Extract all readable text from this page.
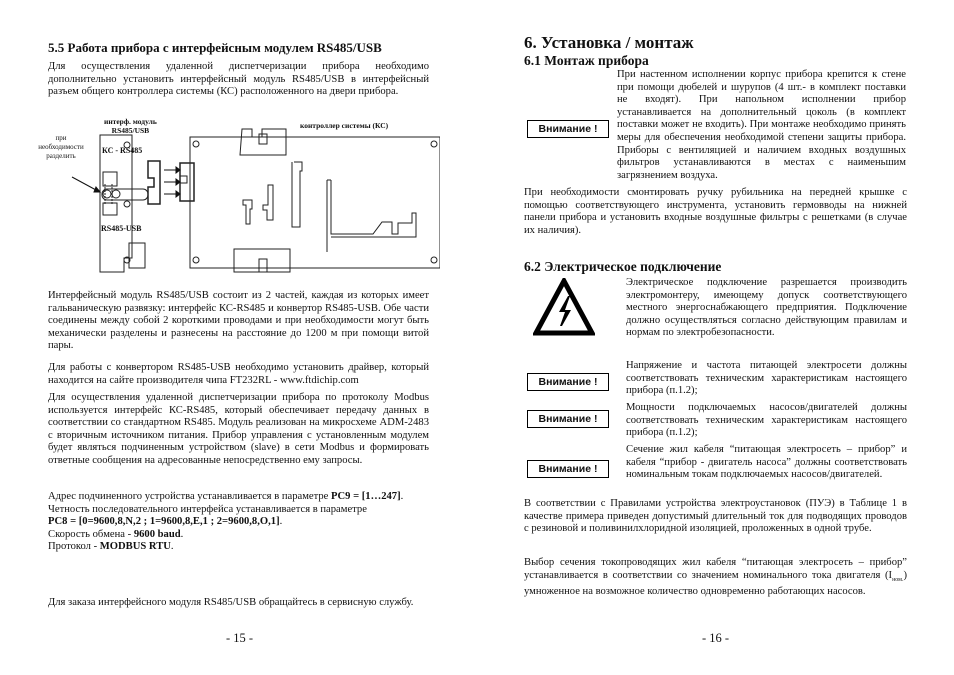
5.5 Работа прибора с интерфейсным модулем RS485/USB
Для осуществления удаленной диспетчеризации прибора необходимо дополнительно установить интерфейсный модуль RS485/USB в интерфейсный разъем общего контроллера системы (КС) расположенного на двери прибора.
интерф. модуль
RS485/USB	контроллер системы (КС)
КС - RS485
RS485-USB
при
необходимости
разделить
Интерфейсный модуль RS485/USB состоит из 2 частей, каждая из которых имеет гальваническую развязку: интерфейс КС-RS485 и конвертор RS485-USB. Обе части соединены между собой 2 короткими проводами и при необходимости могут быть механически разделены и разнесены на расстояние до 1200 м при помощи витой пары.
Для работы с конвертором RS485-USB необходимо установить драйвер, который находится на сайте производителя чипа FT232RL - www.ftdichip.com
Для осуществления удаленной диспетчеризации прибора по протоколу Modbus используется интерфейс КС-RS485, который обеспечивает передачу данных в соответствии со стандартном RS485. Модуль реализован на микросхеме ADM-2483 с вторичным источником питания. Прибор управления с установленным модулем будет являться подчиненным устройством (slave) в сети Modbus и формировать ответные сообщения на адресованные непосредственно ему запросы.
Адрес подчиненного устройства устанавливается в параметре PC9 = [1…247].
Четность последовательного интерфейса устанавливается в параметре
PC8 = [0=9600,8,N,2 ; 1=9600,8,E,1 ; 2=9600,8,O,1].
Скорость обмена - 9600 baud.
Протокол - MODBUS RTU.
Для заказа интерфейсного модуля RS485/USB обращайтесь в сервисную службу.
- 15 -
6. Установка / монтаж
6.1 Монтаж прибора
При настенном исполнении корпус прибора крепится к стене при помощи дюбелей и шурупов (4 шт.- в комплект поставки не входят). При напольном исполнении прибор устанавливается на дополнительный цоколь (в комплект поставки может не входить). При монтаже необходимо принять меры для обеспечения необходимой степени защиты прибора. Приборы с вентиляцией и наличием входных воздушных фильтров устанавливаются в местах с наименьшим загрязнением воздуха.
Внимание !
При необходимости смонтировать ручку рубильника на передней крышке с помощью соответствующего инструмента, установить гермовводы на нижней панели прибора и установить входные воздушные фильтры с решетками (в случае их наличия).
6.2 Электрическое подключение
Электрическое подключение разрешается производить электромонтеру, имеющему допуск соответствующего местного энергоснабжающего предприятия. Подключение должно осуществляться согласно действующим правилам и нормам по электробезопасности.
Напряжение и частота питающей электросети должны соответствовать техническим характеристикам настоящего прибора (п.1.2);
Внимание !
Мощности подключаемых насосов/двигателей должны соответствовать техническим характеристикам настоящего прибора (п.1.2);
Внимание !
Сечение жил кабеля “питающая электросеть – прибор” и кабеля “прибор - двигатель насоса” должны соответствовать номинальным токам подключаемых насосов/двигателей.
Внимание !
В соответствии с Правилами устройства электроустановок (ПУЭ) в Таблице 1 в качестве примера приведен допустимый длительный ток для подводящих проводов с резиновой и поливинилхлоридной изоляцией, проложенных в одной трубе.
Выбор сечения токопроводящих жил кабеля “питающая электросеть – прибор” устанавливается в соответствии со значением номинального тока двигателя $(I_{ном.})$ умноженное на возможное количество одновременно работающих насосов.
- 16 -
